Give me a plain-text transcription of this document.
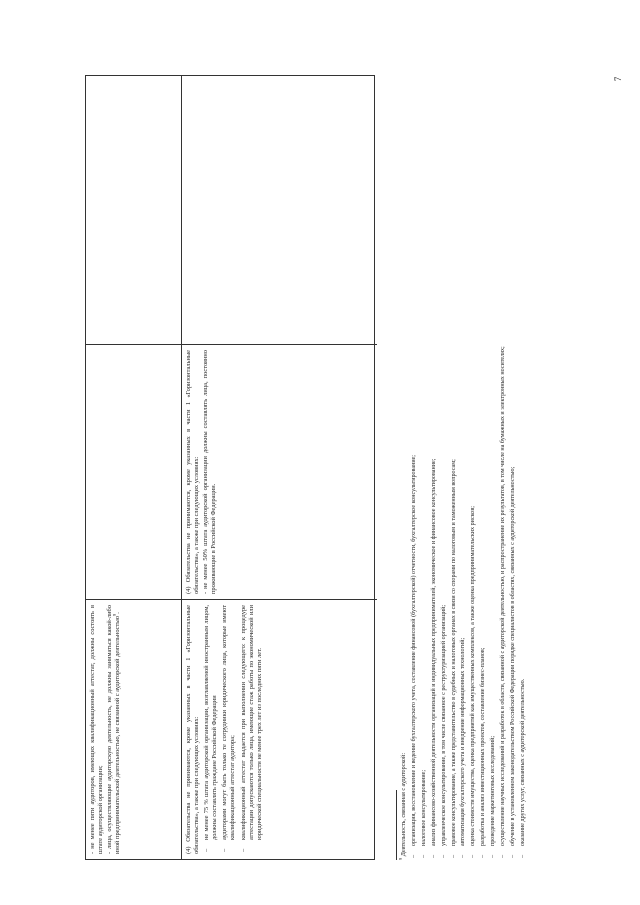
7

- не менее пяти аудиторов, имеющих квалификационный аттестат, должны состоять в штате аудиторской организации; - лица, осуществляющие аудиторскую деятельность, не должны заниматься какой-либо иной предпринимательской деятельностью, не связанной с аудиторской деятельностью$^9$.	(4) Обязательства не принимаются, кроме указанных в части 1 «Горизонтальные обязательства», а также при следующих условиях: – не менее 75 % штата аудиторской организации, возглавляемой иностранным лицом, должны составлять граждане Российской Федерации – аудиторами могут быть только те сотрудники юридического лица, которые имеют квалификационный аттестат аудитора; – квалификационный аттестат выдается при выполнении следующего: к процедуре аттестации допускаются только лица, имеющие стаж работы по экономической или юридической специальности не менее трех лет из последних пяти лет.

(4) Обязательства не принимаются, кроме указанных в части 1 «Горизонтальные обязательства», а также при следующих условиях: - не менее 50% штата аудиторской организации должны составлять лица, постоянно проживающие в Российской Федерации.

$^9$ Деятельность, связанная с аудиторской: – организация, восстановление и ведение бухгалтерского учета, составление финансовой (бухгалтерской) отчетности, бухгалтерское консультирование; – налоговое консультирование; – анализ финансово-хозяйственной деятельности организаций и индивидуальных предпринимателей, экономическое и финансовое консультирование; – управленческое консультирование, в том числе связанное с реструктуризацией организаций; – правовое консультирование, а также представительство в судебных и налоговых органах в связи со спорами по налоговым и таможенным вопросам; – автоматизация бухгалтерского учета и внедрение информационных технологий; – оценка стоимости имущества, оценка предприятий как имущественных комплексов, а также оценка предпринимательских рисков; – разработка и анализ инвестиционных проектов, составление бизнес-планов; – проведение маркетинговых исследований; – осуществление научных исследований и разработок в области, связанной с аудиторской деятельностью, и распространение их результатов, в том числе на бумажных и электронных носителях; – обучение в установленном законодательством Российской Федерации порядке специалистов в областях, связанных с аудиторской деятельностью; – оказание других услуг, связанных с аудиторской деятельностью.
